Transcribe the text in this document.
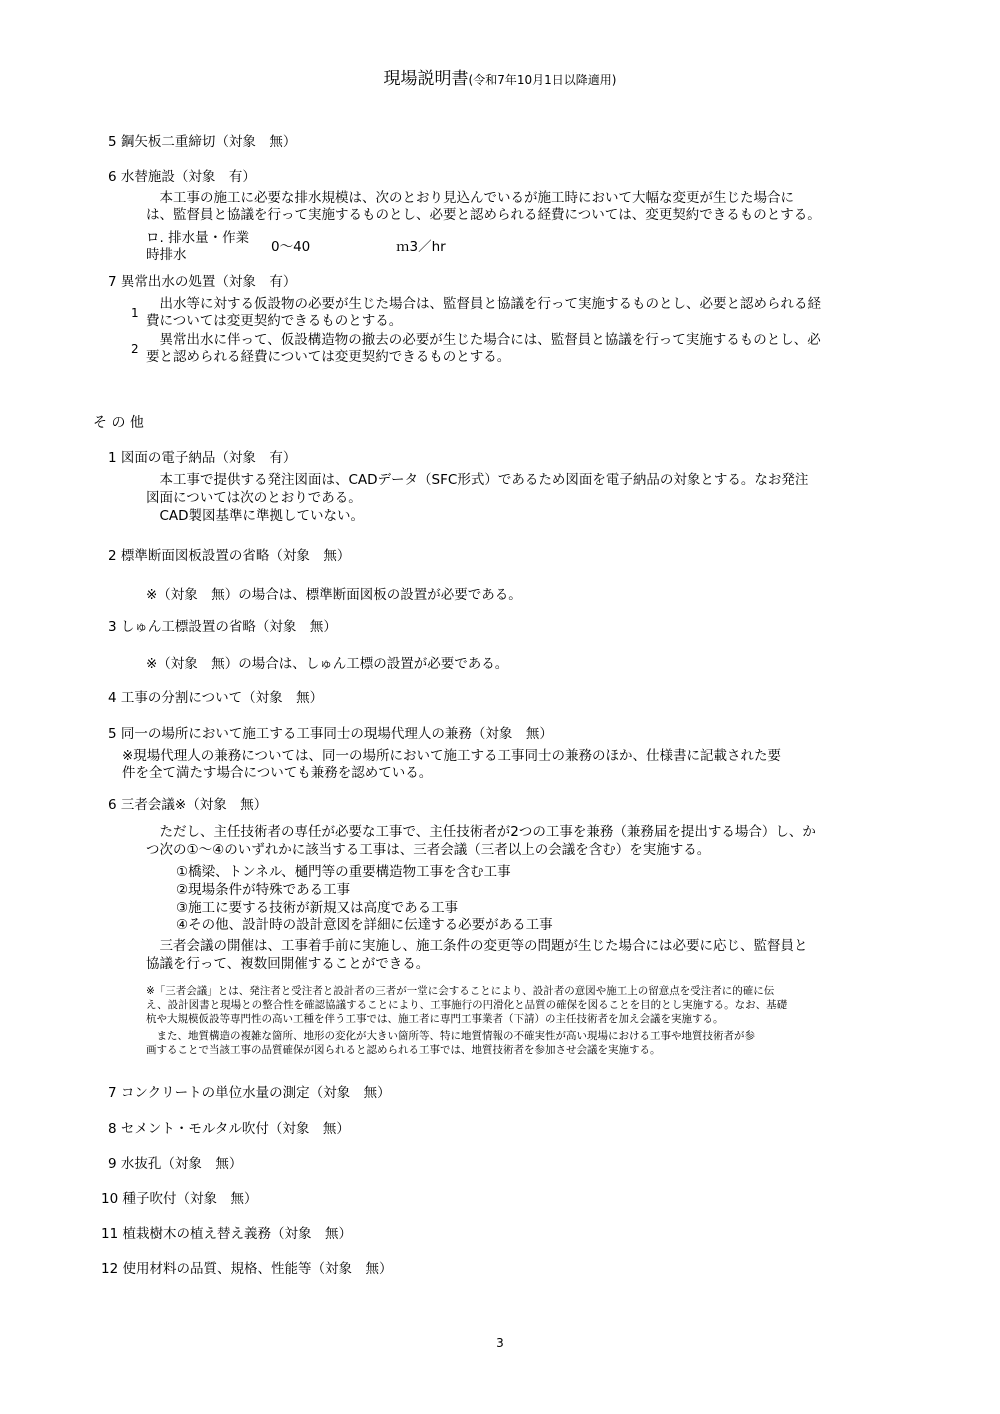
現場説明書(令和7年10月1日以降適用)
5 鋼矢板二重締切（対象　無）
6 水替施設（対象　有）
　本工事の施工に必要な排水規模は、次のとおり見込んでいるが施工時において大幅な変更が生じた場合に
は、監督員と協議を行って実施するものとし、必要と認められる経費については、変更契約できるものとする。
ロ. 排水量・作業
時排水	0～40	ｍ3／hr
7 異常出水の処置（対象　有）
1
　出水等に対する仮設物の必要が生じた場合は、監督員と協議を行って実施するものとし、必要と認められる経
費については変更契約できるものとする。
2
　異常出水に伴って、仮設構造物の撤去の必要が生じた場合には、監督員と協議を行って実施するものとし、必
要と認められる経費については変更契約できるものとする。
そ の 他
1 図面の電子納品（対象　有）
　本工事で提供する発注図面は、CADデータ（SFC形式）であるため図面を電子納品の対象とする。なお発注
図面については次のとおりである。
　CAD製図基準に準拠していない。
2 標準断面図板設置の省略（対象　無）
※（対象　無）の場合は、標準断面図板の設置が必要である。
3 しゅん工標設置の省略（対象　無）
※（対象　無）の場合は、しゅん工標の設置が必要である。
4 工事の分割について（対象　無）
5 同一の場所において施工する工事同士の現場代理人の兼務（対象　無）
※現場代理人の兼務については、同一の場所において施工する工事同士の兼務のほか、仕様書に記載された要
件を全て満たす場合についても兼務を認めている。
6 三者会議※（対象　無）
　ただし、主任技術者の専任が必要な工事で、主任技術者が2つの工事を兼務（兼務届を提出する場合）し、か
つ次の①～④のいずれかに該当する工事は、三者会議（三者以上の会議を含む）を実施する。
①橋梁、トンネル、樋門等の重要構造物工事を含む工事
②現場条件が特殊である工事
③施工に要する技術が新規又は高度である工事
④その他、設計時の設計意図を詳細に伝達する必要がある工事
　三者会議の開催は、工事着手前に実施し、施工条件の変更等の問題が生じた場合には必要に応じ、監督員と
協議を行って、複数回開催することができる。
※「三者会議」とは、発注者と受注者と設計者の三者が一堂に会することにより、設計者の意図や施工上の留意点を受注者に的確に伝
え、設計図書と現場との整合性を確認協議することにより、工事施行の円滑化と品質の確保を図ることを目的とし実施する。なお、基礎
杭や大規模仮設等専門性の高い工種を伴う工事では、施工者に専門工事業者（下請）の主任技術者を加え会議を実施する。
　また、地質構造の複雑な箇所、地形の変化が大きい箇所等、特に地質情報の不確実性が高い現場における工事や地質技術者が参
画することで当該工事の品質確保が図られると認められる工事では、地質技術者を参加させ会議を実施する。
7 コンクリートの単位水量の測定（対象　無）
8 セメント・モルタル吹付（対象　無）
9 水抜孔（対象　無）
10 種子吹付（対象　無）
11 植栽樹木の植え替え義務（対象　無）
12 使用材料の品質、規格、性能等（対象　無）
3
